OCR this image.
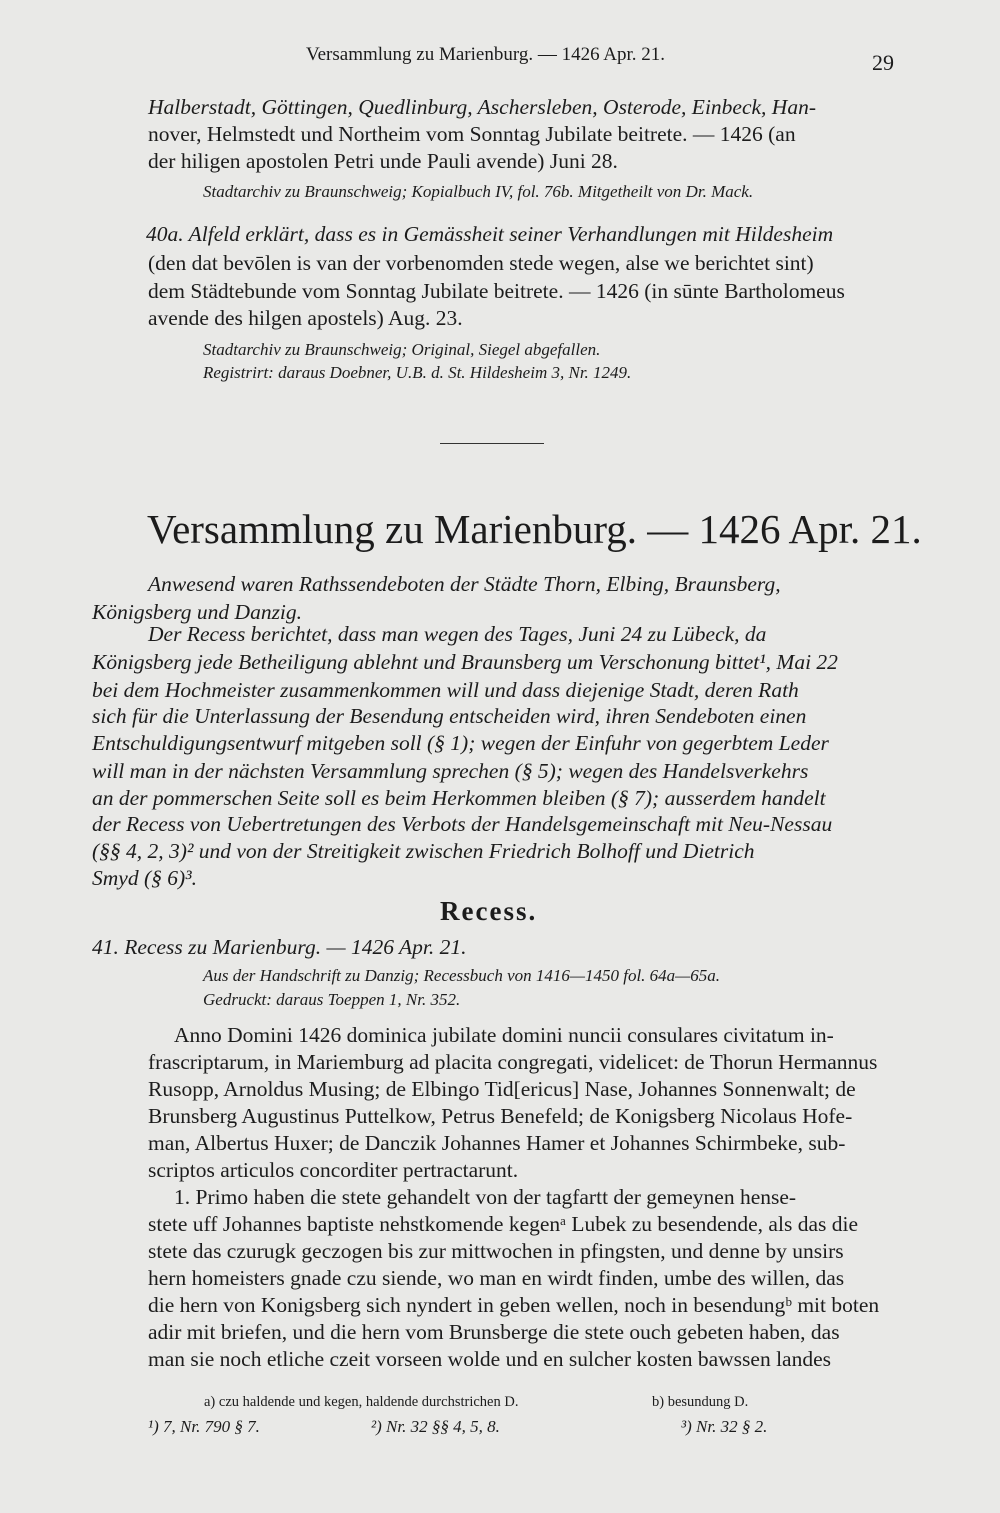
Versammlung zu Marienburg. — 1426 Apr. 21.	29
Halberstadt, Göttingen, Quedlinburg, Aschersleben, Osterode, Einbeck, Han-
nover, Helmstedt und Northeim vom Sonntag Jubilate beitrete. — 1426 (an
der hiligen apostolen Petri unde Pauli avende) Juni 28.
Stadtarchiv zu Braunschweig; Kopialbuch IV, fol. 76b. Mitgetheilt von Dr. Mack.
40a. Alfeld erklärt, dass es in Gemässheit seiner Verhandlungen mit Hildesheim
(den dat bevōlen is van der vorbenomden stede wegen, alse we berichtet sint)
dem Städtebunde vom Sonntag Jubilate beitrete. — 1426 (in sūnte Bartholomeus
avende des hilgen apostels) Aug. 23.
Stadtarchiv zu Braunschweig; Original, Siegel abgefallen.
Registrirt: daraus Doebner, U.B. d. St. Hildesheim 3, Nr. 1249.
Versammlung zu Marienburg. — 1426 Apr. 21.
Anwesend waren Rathssendeboten der Städte Thorn, Elbing, Braunsberg,
Königsberg und Danzig.
Der Recess berichtet, dass man wegen des Tages, Juni 24 zu Lübeck, da
Königsberg jede Betheiligung ablehnt und Braunsberg um Verschonung bittet¹, Mai 22
bei dem Hochmeister zusammenkommen will und dass diejenige Stadt, deren Rath
sich für die Unterlassung der Besendung entscheiden wird, ihren Sendeboten einen
Entschuldigungsentwurf mitgeben soll (§ 1); wegen der Einfuhr von gegerbtem Leder
will man in der nächsten Versammlung sprechen (§ 5); wegen des Handelsverkehrs
an der pommerschen Seite soll es beim Herkommen bleiben (§ 7); ausserdem handelt
der Recess von Uebertretungen des Verbots der Handelsgemeinschaft mit Neu-Nessau
(§§ 4, 2, 3)² und von der Streitigkeit zwischen Friedrich Bolhoff und Dietrich
Smyd (§ 6)³.
Recess.
41. Recess zu Marienburg. — 1426 Apr. 21.
Aus der Handschrift zu Danzig; Recessbuch von 1416—1450 fol. 64a—65a.
Gedruckt: daraus Toeppen 1, Nr. 352.
Anno Domini 1426 dominica jubilate domini nuncii consulares civitatum in-
frascriptarum, in Mariemburg ad placita congregati, videlicet: de Thorun Hermannus
Rusopp, Arnoldus Musing; de Elbingo Tid[ericus] Nase, Johannes Sonnenwalt; de
Brunsberg Augustinus Puttelkow, Petrus Benefeld; de Konigsberg Nicolaus Hofe-
man, Albertus Huxer; de Danczik Johannes Hamer et Johannes Schirmbeke, sub-
scriptos articulos concorditer pertractarunt.
1. Primo haben die stete gehandelt von der tagfartt der gemeynen hense-
stete uff Johannes baptiste nehstkomende kegenᵃ Lubek zu besendende, als das die
stete das czurugk geczogen bis zur mittwochen in pfingsten, und denne by unsirs
hern homeisters gnade czu siende, wo man en wirdt finden, umbe des willen, das
die hern von Konigsberg sich nyndert in geben wellen, noch in besendungᵇ mit boten
adir mit briefen, und die hern vom Brunsberge die stete ouch gebeten haben, das
man sie noch etliche czeit vorseen wolde und en sulcher kosten bawssen landes
a) czu haldende und kegen, haldende durchstrichen D.	b) besundung D.
¹) 7, Nr. 790 § 7.	²) Nr. 32 §§ 4, 5, 8.	³) Nr. 32 § 2.
